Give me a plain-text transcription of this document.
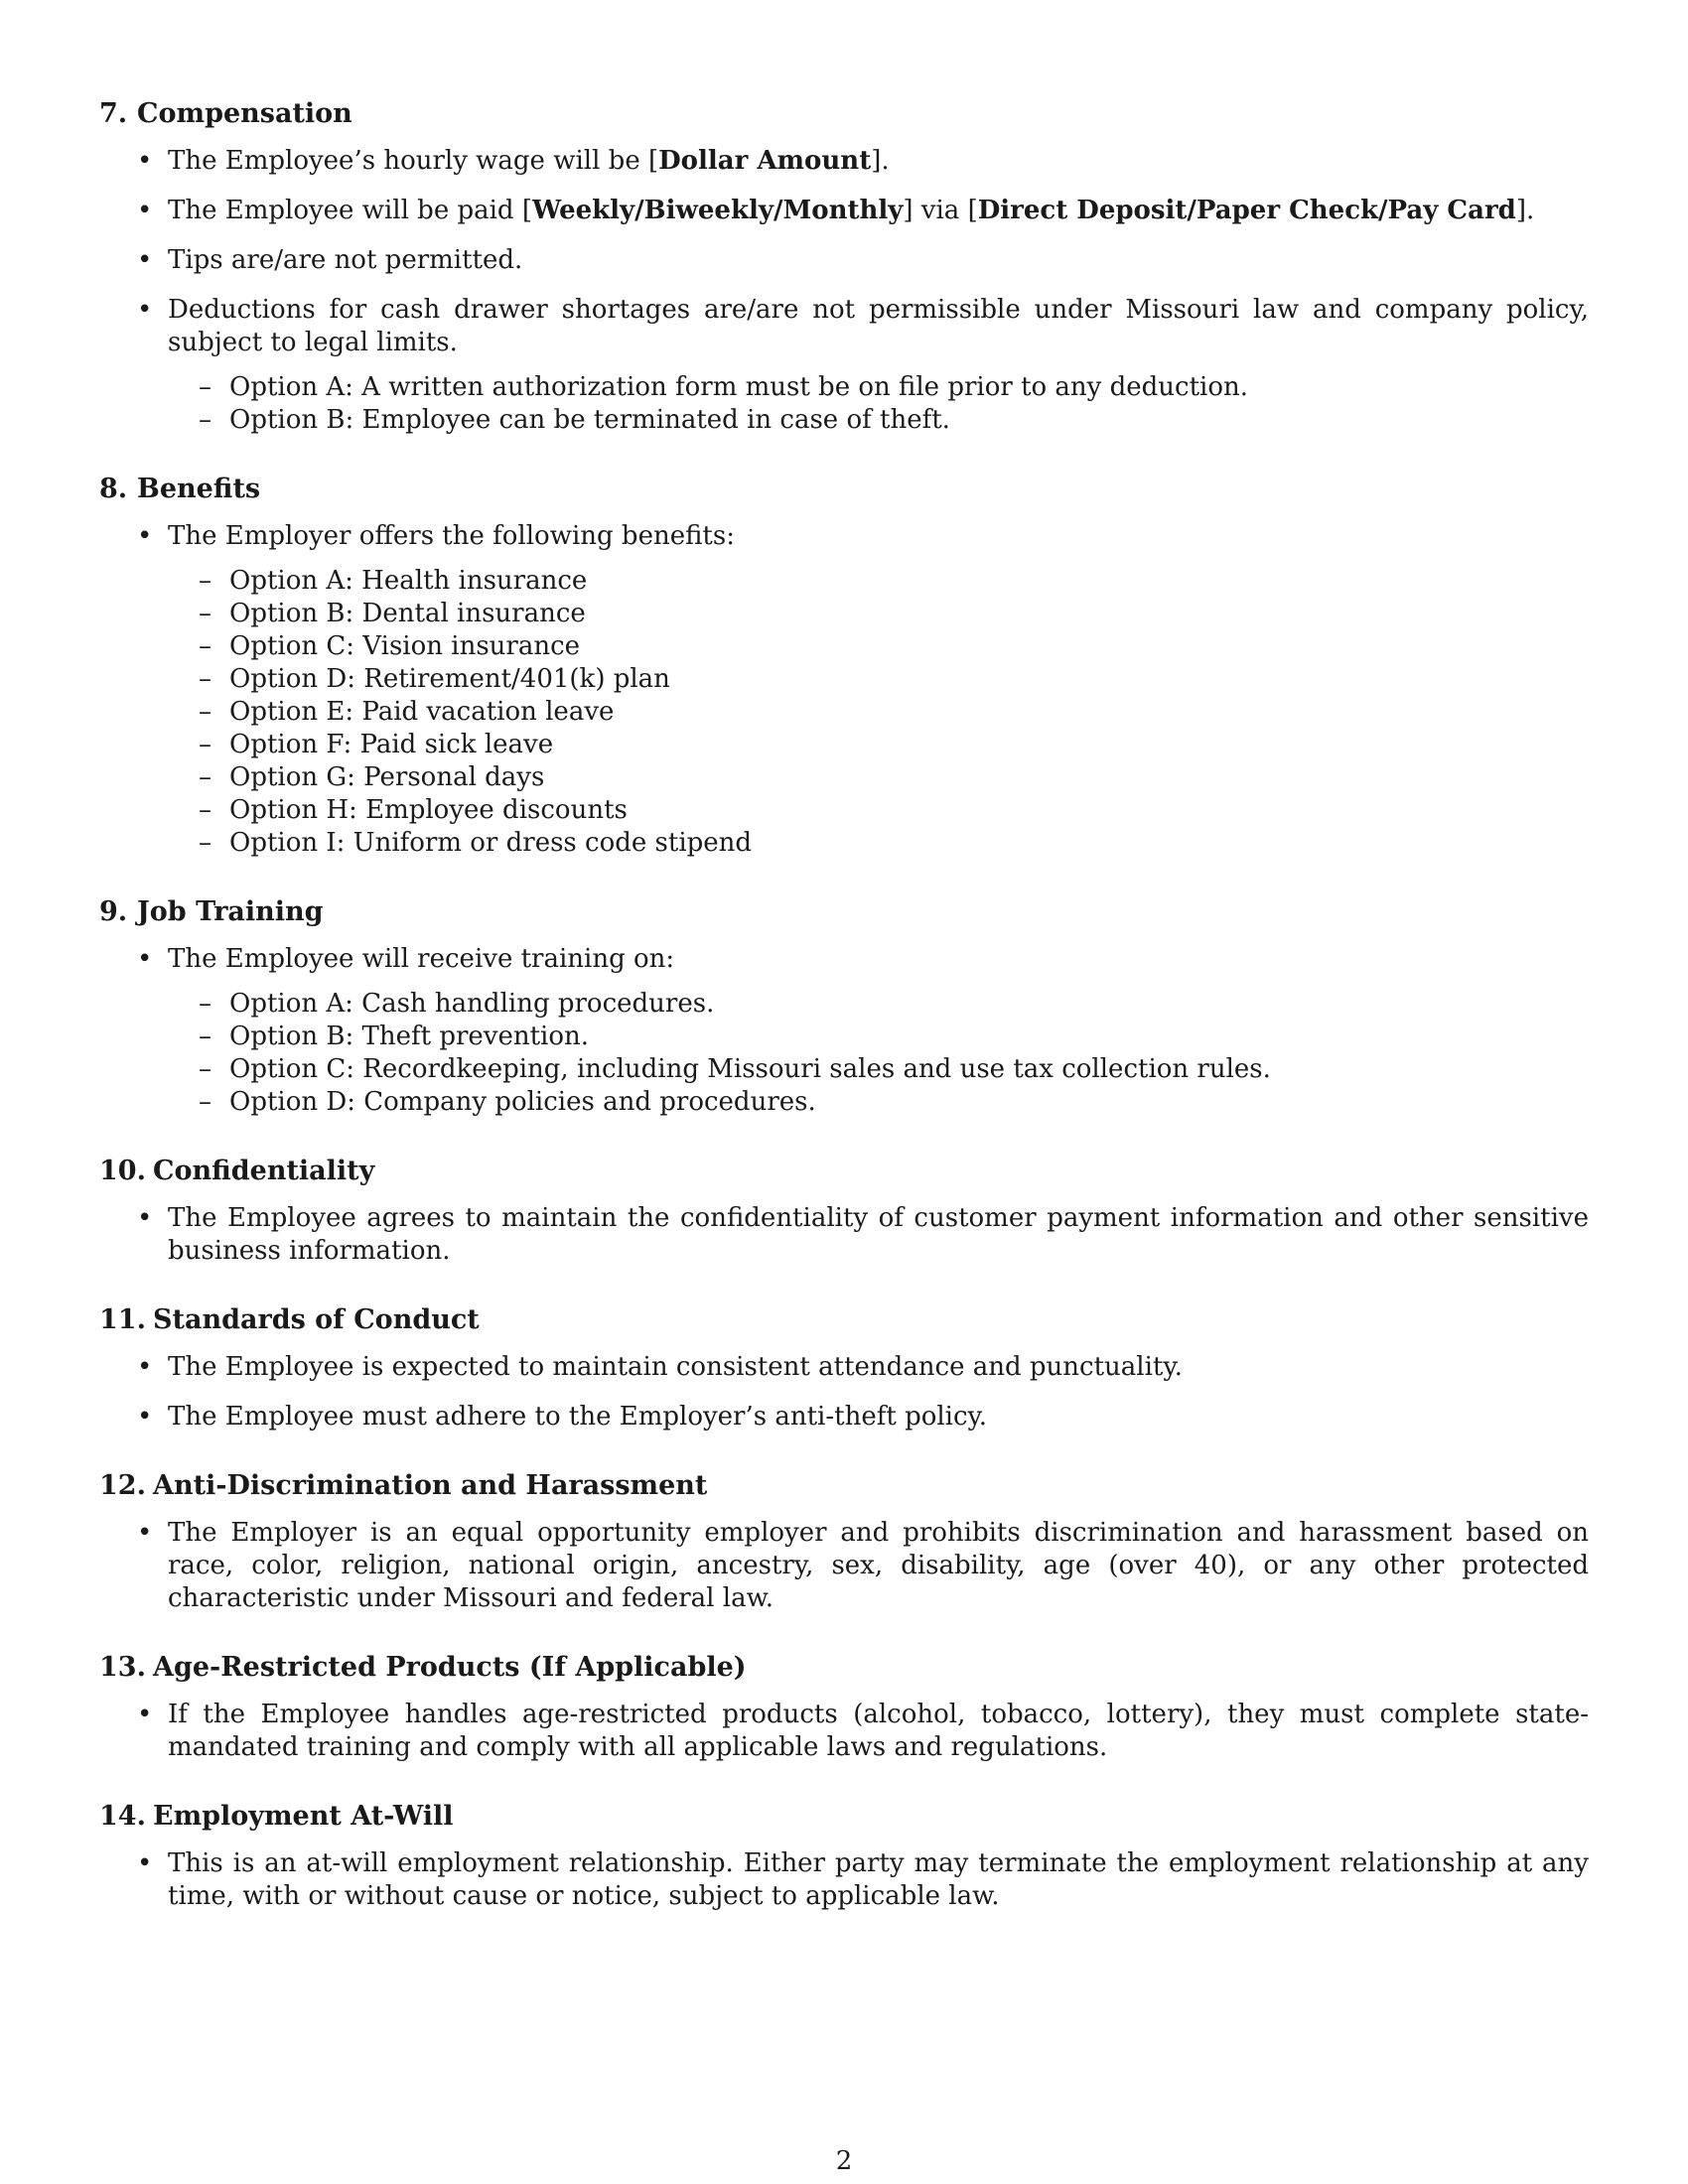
7. Compensation
• The Employee’s hourly wage will be [Dollar Amount].
• The Employee will be paid [Weekly/Biweekly/Monthly] via [Direct Deposit/Paper Check/Pay Card].
• Tips are/are not permitted.
• Deductions for cash drawer shortages are/are not permissible under Missouri law and company policy, subject to legal limits.
– Option A: A written authorization form must be on file prior to any deduction.
– Option B: Employee can be terminated in case of theft.
8. Benefits
• The Employer offers the following benefits:
– Option A: Health insurance
– Option B: Dental insurance
– Option C: Vision insurance
– Option D: Retirement/401(k) plan
– Option E: Paid vacation leave
– Option F: Paid sick leave
– Option G: Personal days
– Option H: Employee discounts
– Option I: Uniform or dress code stipend
9. Job Training
• The Employee will receive training on:
– Option A: Cash handling procedures.
– Option B: Theft prevention.
– Option C: Recordkeeping, including Missouri sales and use tax collection rules.
– Option D: Company policies and procedures.
10. Confidentiality
• The Employee agrees to maintain the confidentiality of customer payment information and other sensitive business information.
11. Standards of Conduct
• The Employee is expected to maintain consistent attendance and punctuality.
• The Employee must adhere to the Employer’s anti-theft policy.
12. Anti-Discrimination and Harassment
• The Employer is an equal opportunity employer and prohibits discrimination and harassment based on race, color, religion, national origin, ancestry, sex, disability, age (over 40), or any other protected characteristic under Missouri and federal law.
13. Age-Restricted Products (If Applicable)
• If the Employee handles age-restricted products (alcohol, tobacco, lottery), they must complete state-mandated training and comply with all applicable laws and regulations.
14. Employment At-Will
• This is an at-will employment relationship. Either party may terminate the employment relationship at any time, with or without cause or notice, subject to applicable law.
2
